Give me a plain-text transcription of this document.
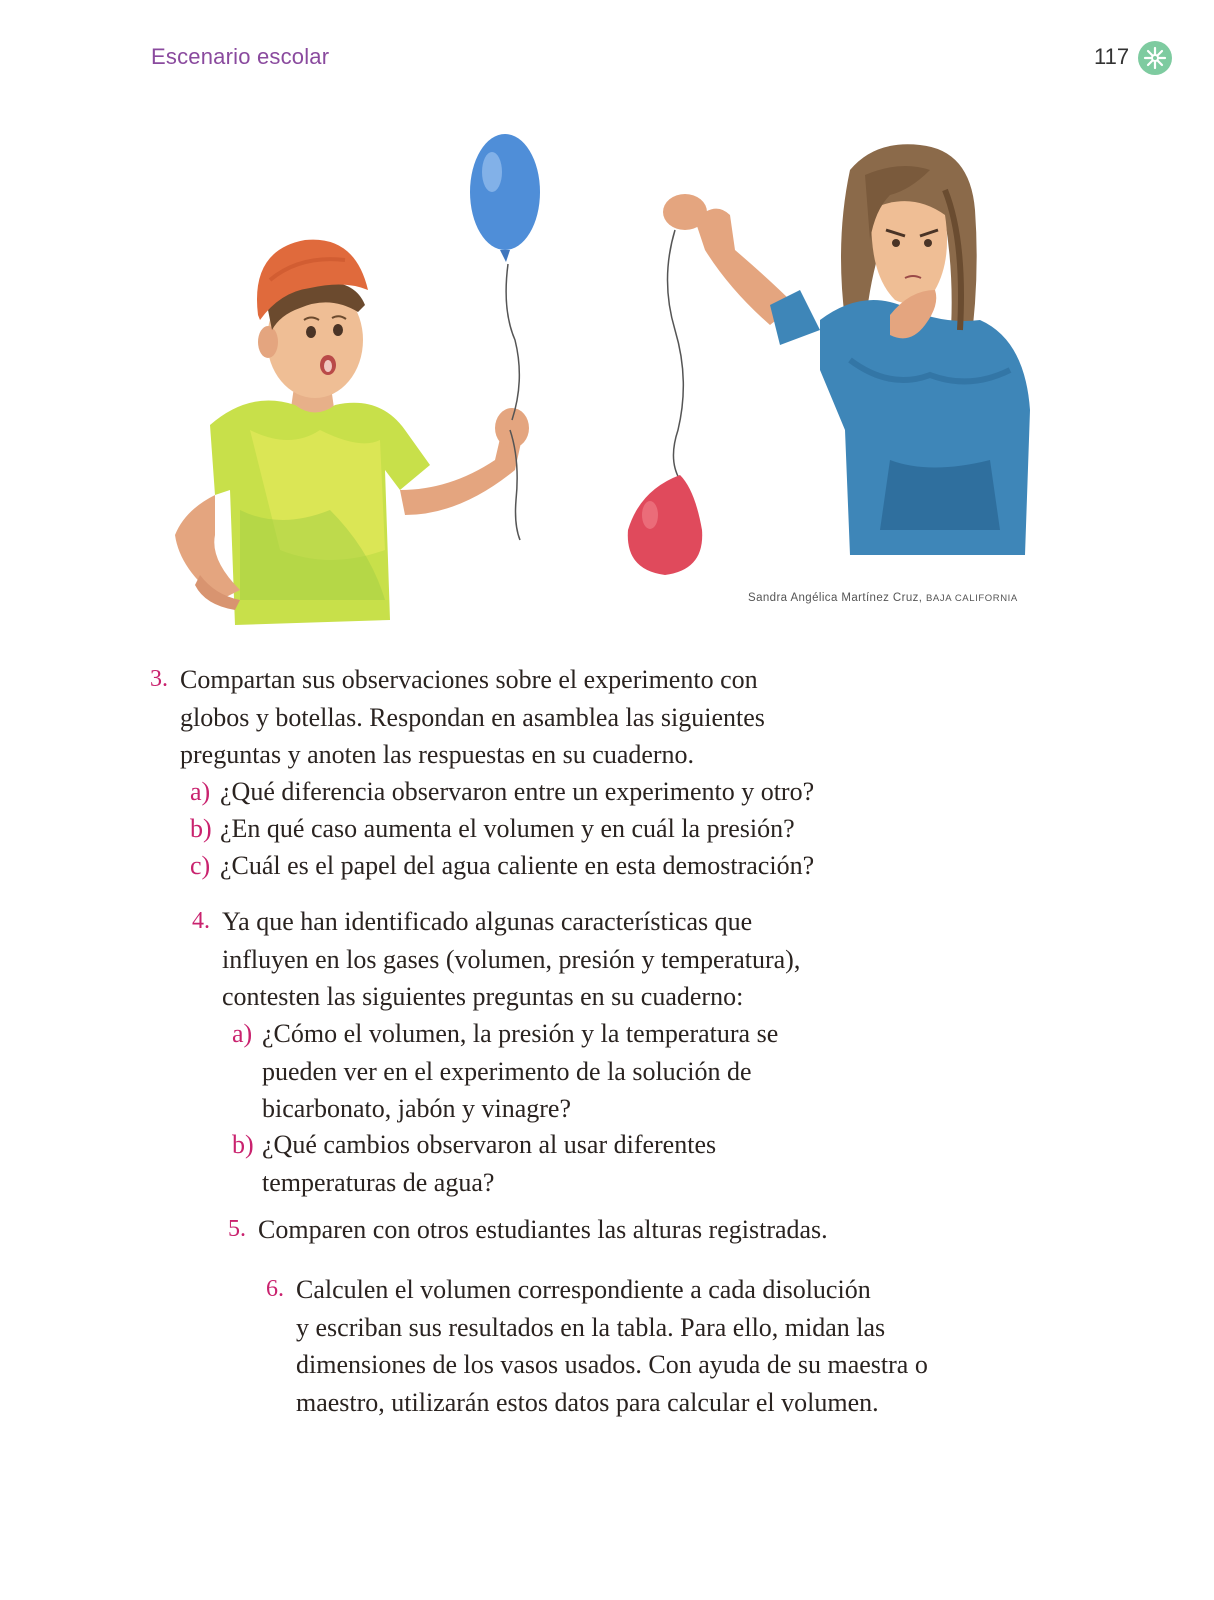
Escenario escolar	117
Sandra Angélica Martínez Cruz, BAJA CALIFORNIA
3. Compartan sus observaciones sobre el experimento con
globos y botellas. Respondan en asamblea las siguientes
preguntas y anoten las respuestas en su cuaderno.
a) ¿Qué diferencia observaron entre un experimento y otro?
b) ¿En qué caso aumenta el volumen y en cuál la presión?
c) ¿Cuál es el papel del agua caliente en esta demostración?
4. Ya que han identificado algunas características que
influyen en los gases (volumen, presión y temperatura),
contesten las siguientes preguntas en su cuaderno:
a) ¿Cómo el volumen, la presión y la temperatura se
pueden ver en el experimento de la solución de
bicarbonato, jabón y vinagre?
b) ¿Qué cambios observaron al usar diferentes
temperaturas de agua?
5. Comparen con otros estudiantes las alturas registradas.
6. Calculen el volumen correspondiente a cada disolución
y escriban sus resultados en la tabla. Para ello, midan las
dimensiones de los vasos usados. Con ayuda de su maestra o
maestro, utilizarán estos datos para calcular el volumen.
